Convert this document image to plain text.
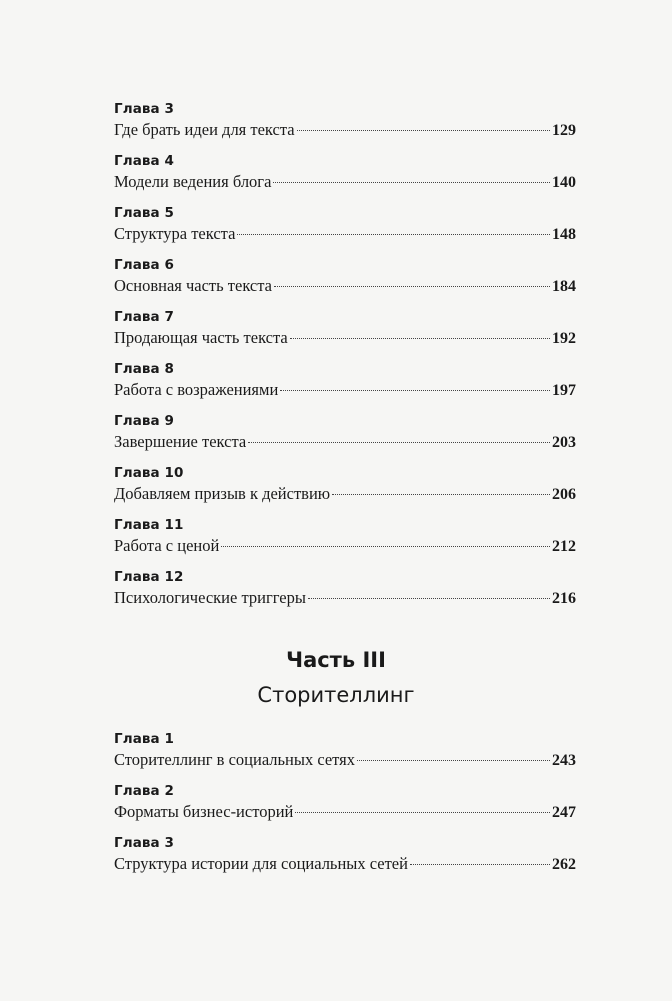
Глава 3
Где брать идеи для текста	129
Глава 4
Модели ведения блога	140
Глава 5
Структура текста	148
Глава 6
Основная часть текста	184
Глава 7
Продающая часть текста	192
Глава 8
Работа с возражениями	197
Глава 9
Завершение текста	203
Глава 10
Добавляем призыв к действию	206
Глава 11
Работа с ценой	212
Глава 12
Психологические триггеры	216
Часть III
Сторителлинг
Глава 1
Сторителлинг в социальных сетях	243
Глава 2
Форматы бизнес-историй	247
Глава 3
Структура истории для социальных сетей	262
